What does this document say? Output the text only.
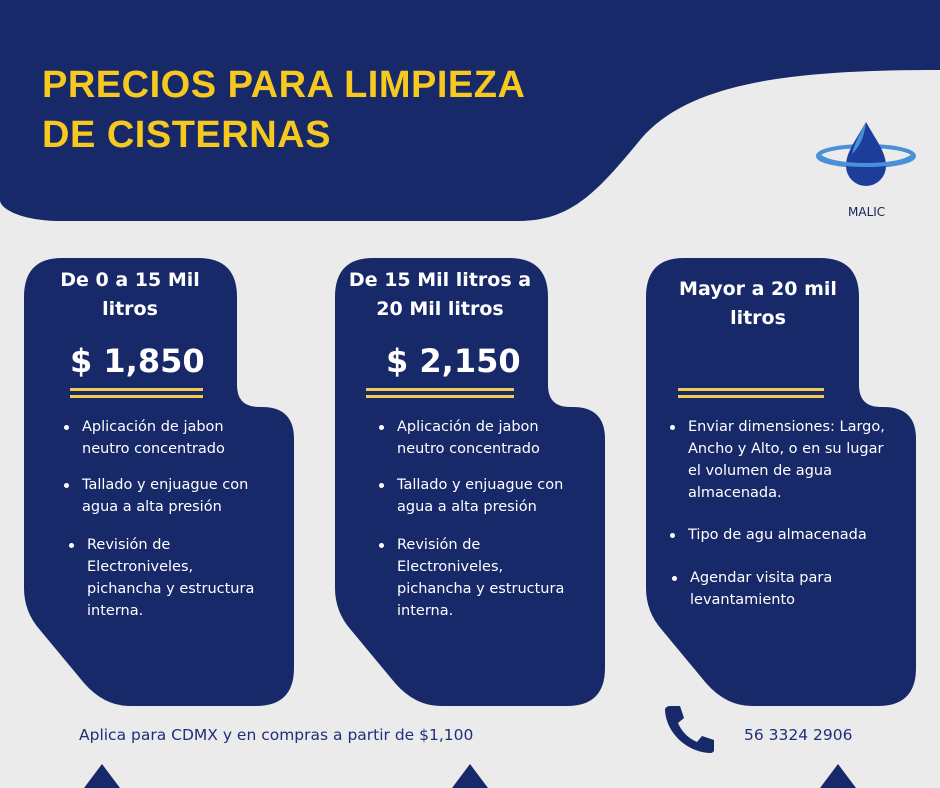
PRECIOS PARA LIMPIEZA
DE CISTERNAS
MALIC
De 0 a 15 Mil litros
$ 1,850
Aplicación de jabon neutro concentrado
Tallado y enjuague con agua a alta presión
Revisión de Electroniveles, pichancha y estructura interna.
De 15 Mil litros a 20 Mil litros
$ 2,150
Aplicación de jabon neutro concentrado
Tallado y enjuague con agua a alta presión
Revisión de Electroniveles, pichancha y estructura interna.
Mayor a 20 mil litros
Enviar dimensiones: Largo, Ancho y Alto, o en su lugar el volumen de agua almacenada.
Tipo de agu almacenada
Agendar visita para levantamiento
Aplica para CDMX y en compras a partir de $1,100	56 3324 2906
